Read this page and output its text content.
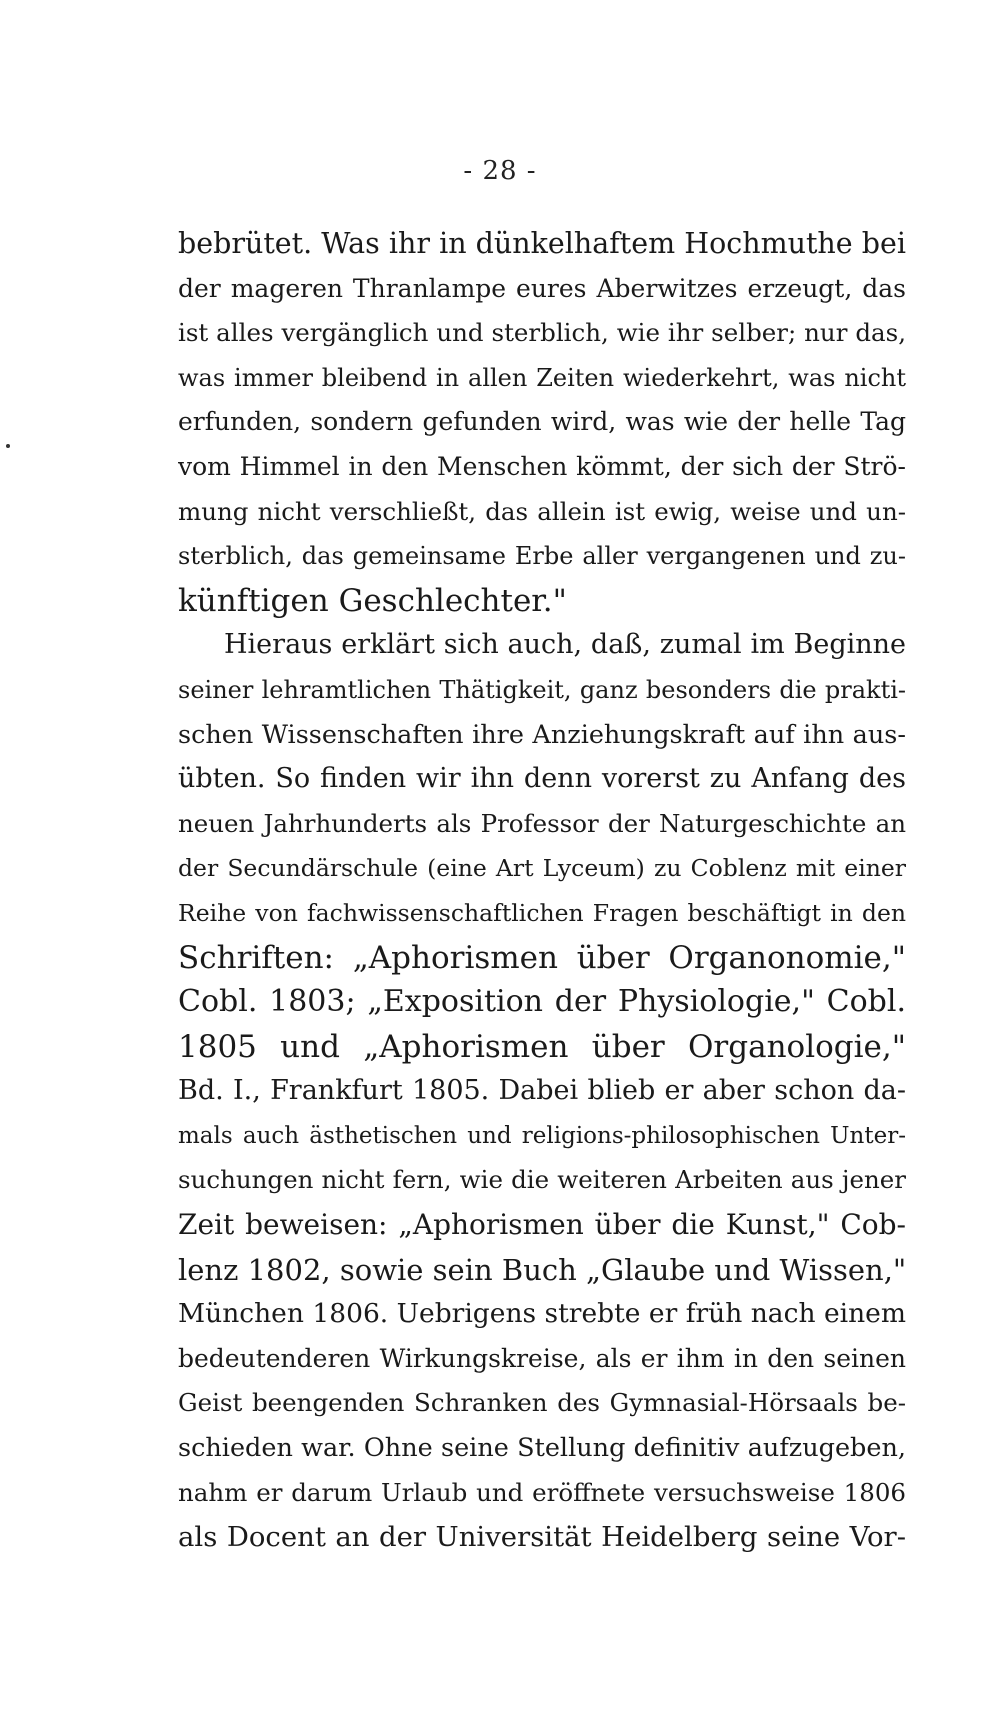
- 28 -
bebrütet. Was ihr in dünkelhaftem Hochmuthe bei
der mageren Thranlampe eures Aberwitzes erzeugt, das
ist alles vergänglich und sterblich, wie ihr selber; nur das,
was immer bleibend in allen Zeiten wiederkehrt, was nicht
erfunden, sondern gefunden wird, was wie der helle Tag
vom Himmel in den Menschen kömmt, der sich der Strö-
mung nicht verschließt, das allein ist ewig, weise und un-
sterblich, das gemeinsame Erbe aller vergangenen und zu-
künftigen Geschlechter."
Hieraus erklärt sich auch, daß, zumal im Beginne
seiner lehramtlichen Thätigkeit, ganz besonders die prakti-
schen Wissenschaften ihre Anziehungskraft auf ihn aus-
übten. So finden wir ihn denn vorerst zu Anfang des
neuen Jahrhunderts als Professor der Naturgeschichte an
der Secundärschule (eine Art Lyceum) zu Coblenz mit einer
Reihe von fachwissenschaftlichen Fragen beschäftigt in den
Schriften: „Aphorismen über Organonomie,"
Cobl. 1803; „Exposition der Physiologie," Cobl.
1805 und „Aphorismen über Organologie,"
Bd. I., Frankfurt 1805. Dabei blieb er aber schon da-
mals auch ästhetischen und religions-philosophischen Unter-
suchungen nicht fern, wie die weiteren Arbeiten aus jener
Zeit beweisen: „Aphorismen über die Kunst," Cob-
lenz 1802, sowie sein Buch „Glaube und Wissen,"
München 1806. Uebrigens strebte er früh nach einem
bedeutenderen Wirkungskreise, als er ihm in den seinen
Geist beengenden Schranken des Gymnasial-Hörsaals be-
schieden war. Ohne seine Stellung definitiv aufzugeben,
nahm er darum Urlaub und eröffnete versuchsweise 1806
als Docent an der Universität Heidelberg seine Vor-
